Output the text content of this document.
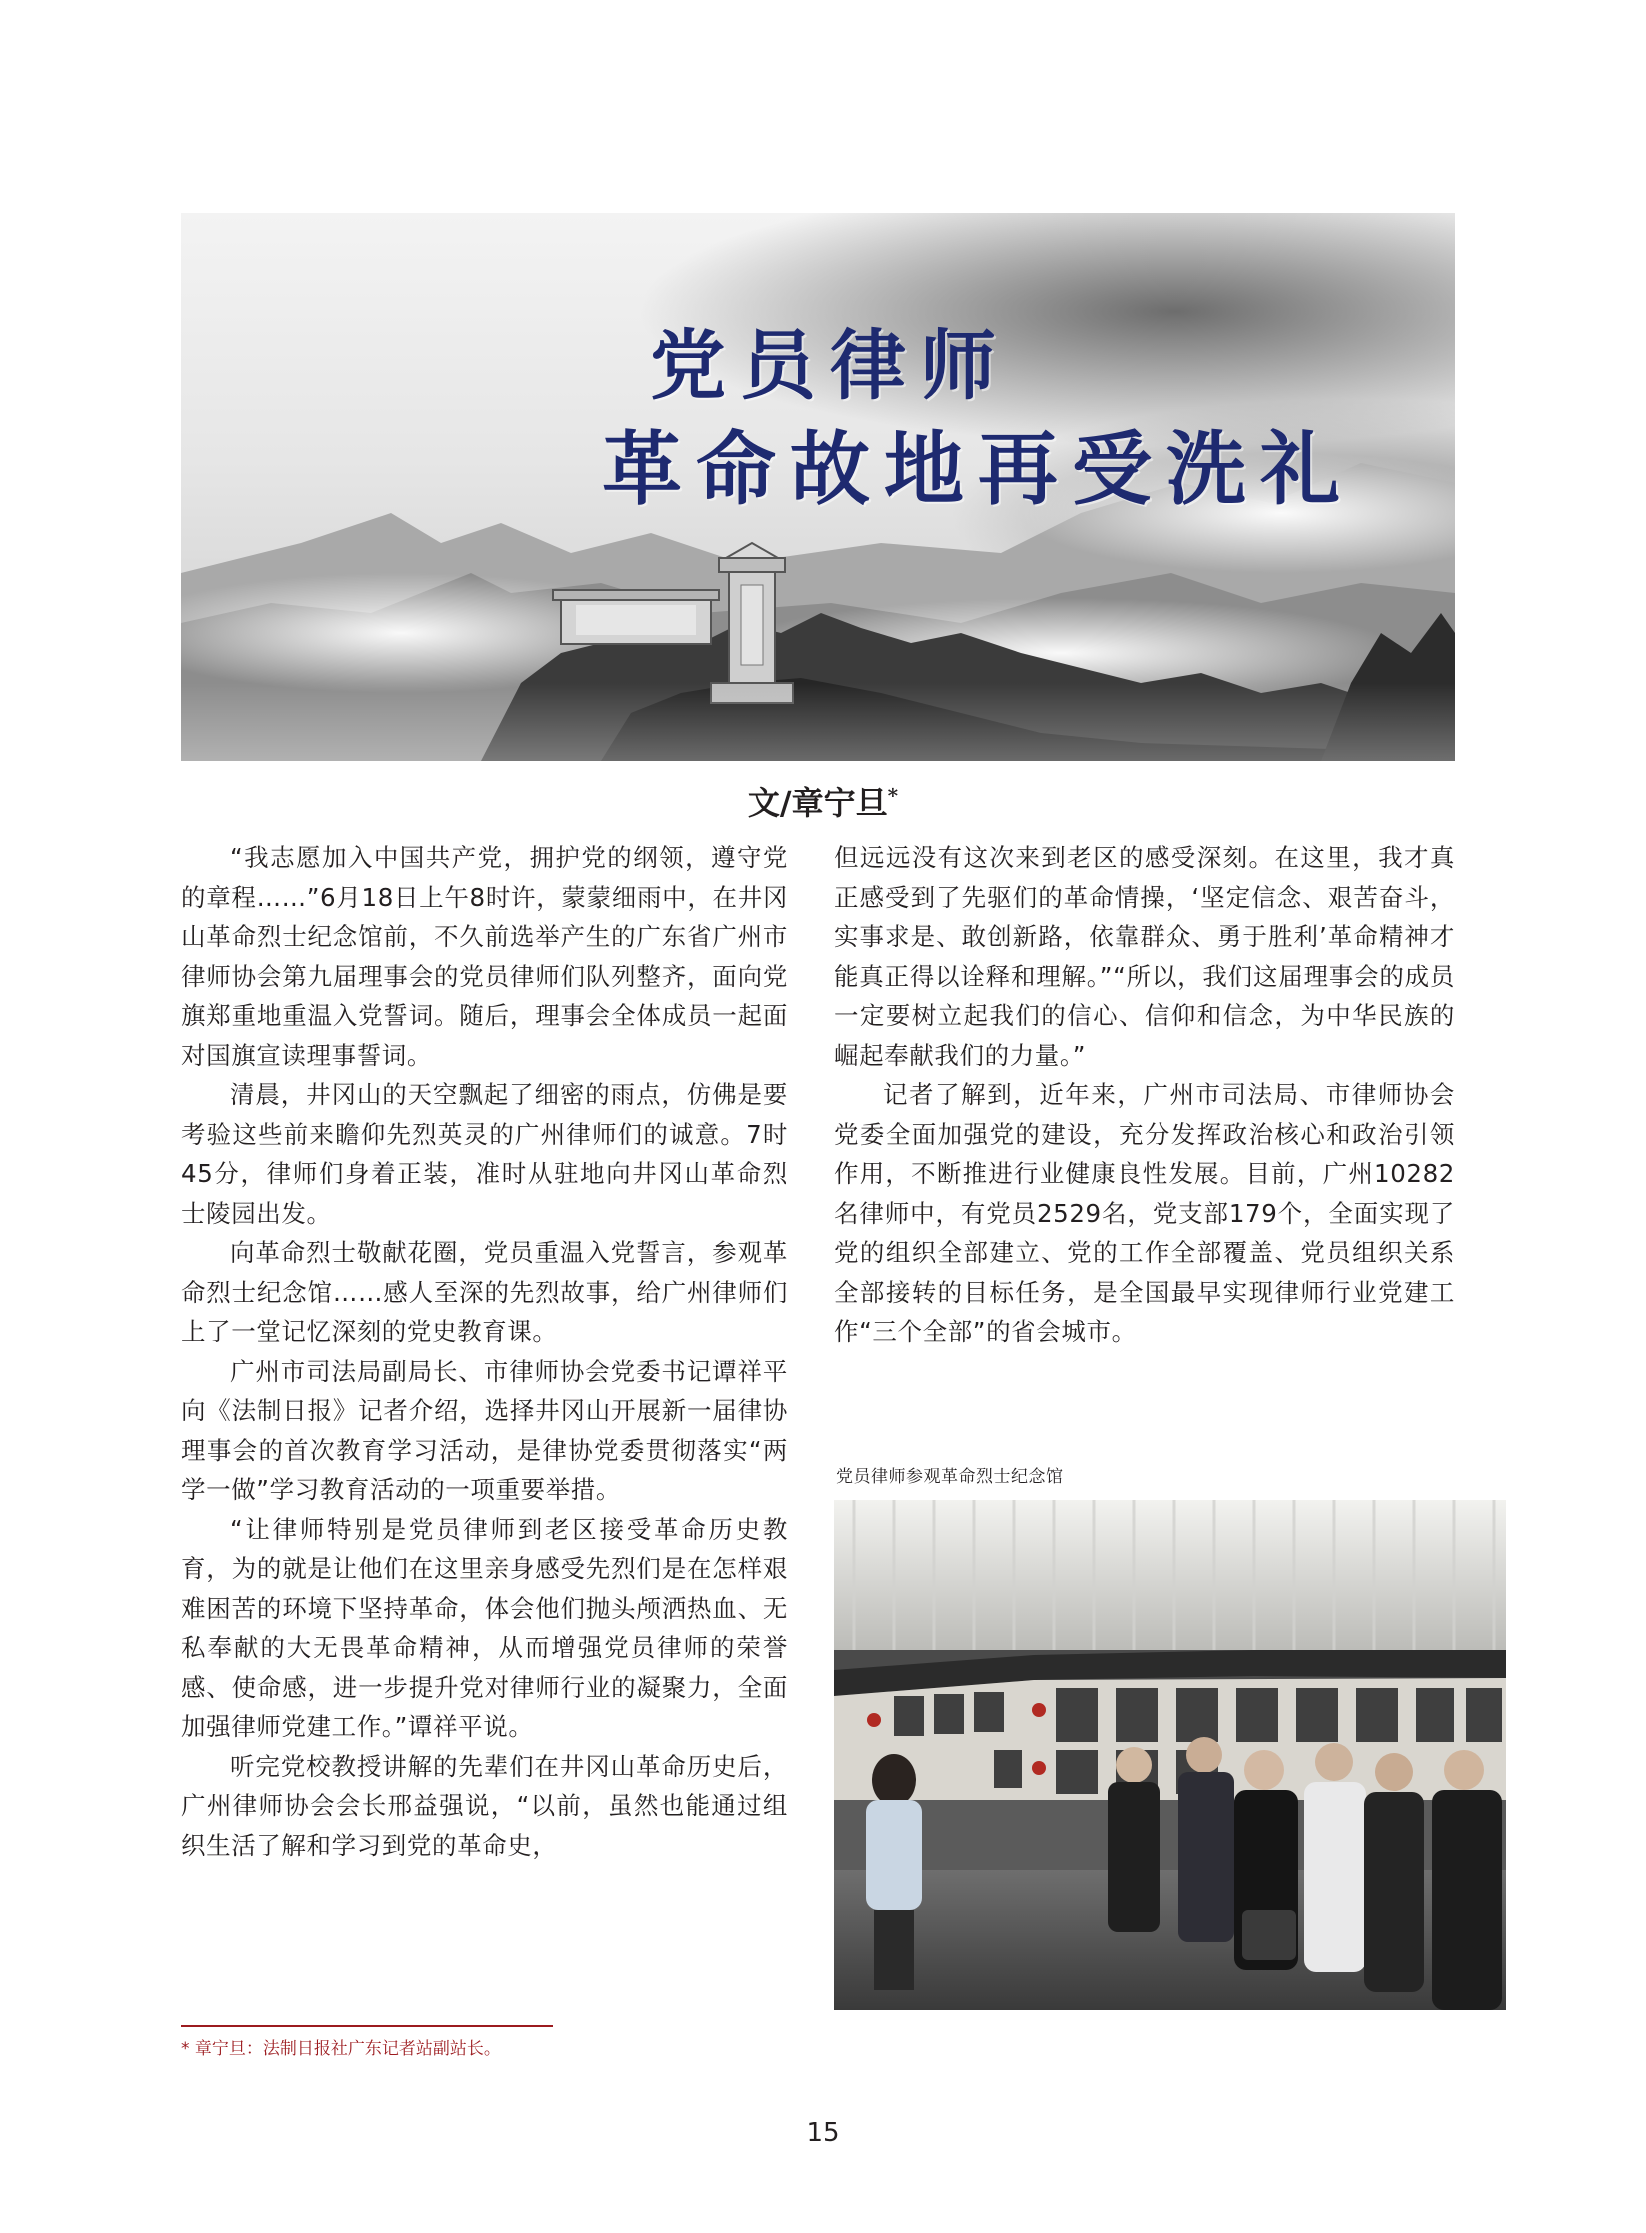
党员律师
革命故地再受洗礼
文/章宁旦*

“我志愿加入中国共产党，拥护党的纲领，遵守党的章程……”6月18日上午8时许，蒙蒙细雨中，在井冈山革命烈士纪念馆前，不久前选举产生的广东省广州市律师协会第九届理事会的党员律师们队列整齐，面向党旗郑重地重温入党誓词。随后，理事会全体成员一起面对国旗宣读理事誓词。

清晨，井冈山的天空飘起了细密的雨点，仿佛是要考验这些前来瞻仰先烈英灵的广州律师们的诚意。7时45分，律师们身着正装，准时从驻地向井冈山革命烈士陵园出发。

向革命烈士敬献花圈，党员重温入党誓言，参观革命烈士纪念馆……感人至深的先烈故事，给广州律师们上了一堂记忆深刻的党史教育课。

广州市司法局副局长、市律师协会党委书记谭祥平向《法制日报》记者介绍，选择井冈山开展新一届律协理事会的首次教育学习活动，是律协党委贯彻落实“两学一做”学习教育活动的一项重要举措。

“让律师特别是党员律师到老区接受革命历史教育，为的就是让他们在这里亲身感受先烈们是在怎样艰难困苦的环境下坚持革命，体会他们抛头颅洒热血、无私奉献的大无畏革命精神，从而增强党员律师的荣誉感、使命感，进一步提升党对律师行业的凝聚力，全面加强律师党建工作。”谭祥平说。

听完党校教授讲解的先辈们在井冈山革命历史后，广州律师协会会长邢益强说，“以前，虽然也能通过组织生活了解和学习到党的革命史，

但远远没有这次来到老区的感受深刻。在这里，我才真正感受到了先驱们的革命情操，‘坚定信念、艰苦奋斗，实事求是、敢创新路，依靠群众、勇于胜利’革命精神才能真正得以诠释和理解。”“所以，我们这届理事会的成员一定要树立起我们的信心、信仰和信念，为中华民族的崛起奉献我们的力量。”

记者了解到，近年来，广州市司法局、市律师协会党委全面加强党的建设，充分发挥政治核心和政治引领作用，不断推进行业健康良性发展。目前，广州10282名律师中，有党员2529名，党支部179个，全面实现了党的组织全部建立、党的工作全部覆盖、党员组织关系全部接转的目标任务，是全国最早实现律师行业党建工作“三个全部”的省会城市。

党员律师参观革命烈士纪念馆
* 章宁旦：法制日报社广东记者站副站长。
15
